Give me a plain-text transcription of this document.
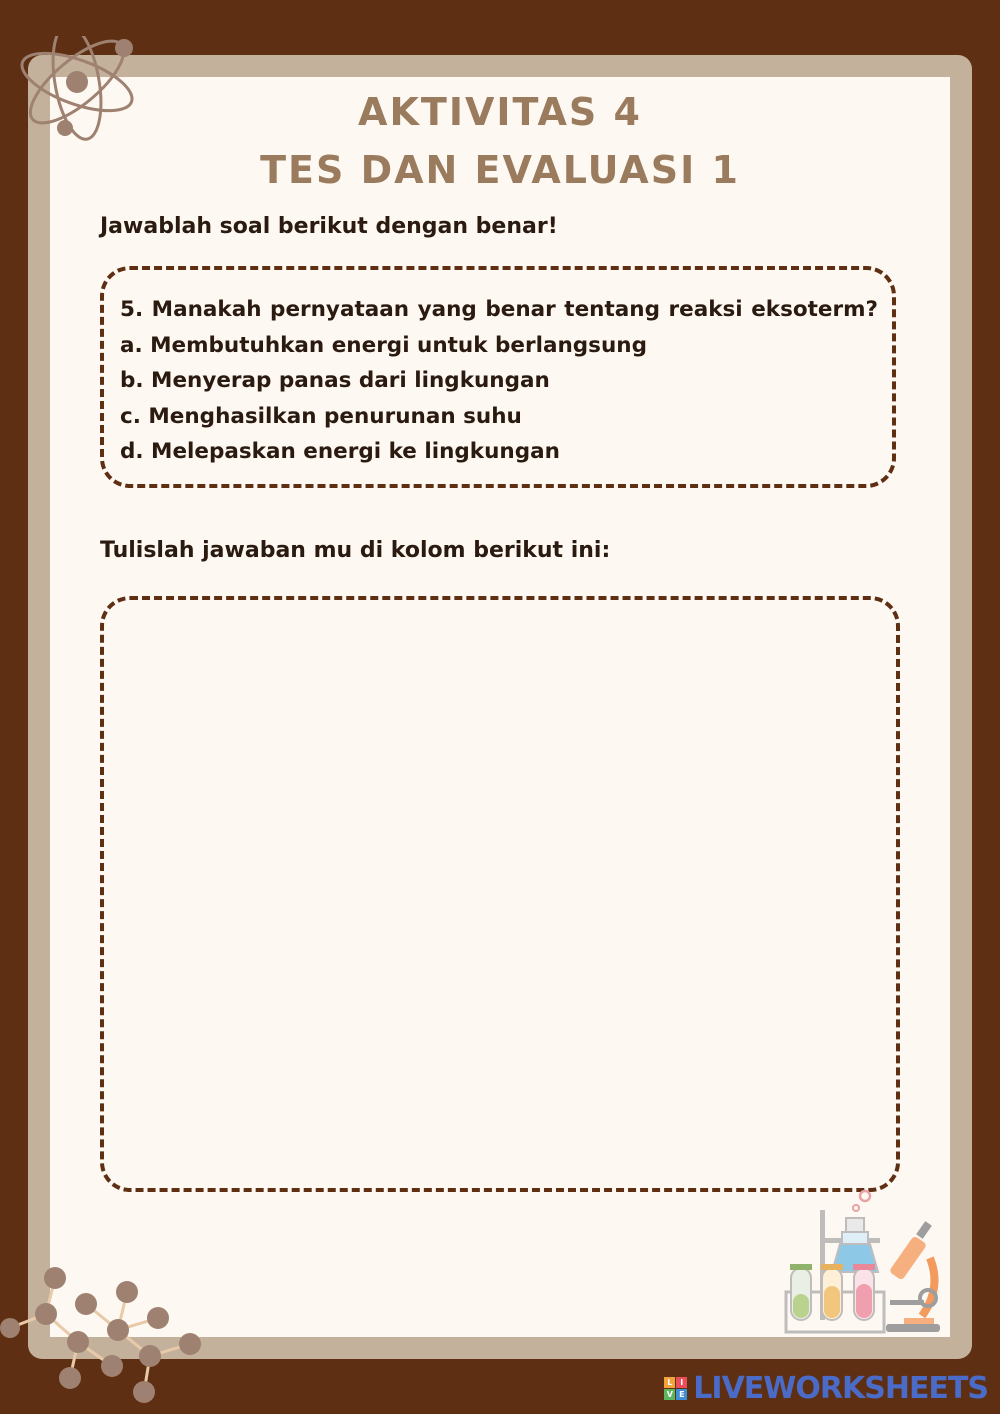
AKTIVITAS 4
TES DAN EVALUASI 1
Jawablah soal berikut dengan benar!
5. Manakah pernyataan yang benar tentang reaksi eksoterm?
a. Membutuhkan energi untuk berlangsung
b. Menyerap panas dari lingkungan
c. Menghasilkan penurunan suhu
d. Melepaskan energi ke lingkungan
Tulislah jawaban mu di kolom berikut ini:
L I
V E LIVEWORKSHEETS
